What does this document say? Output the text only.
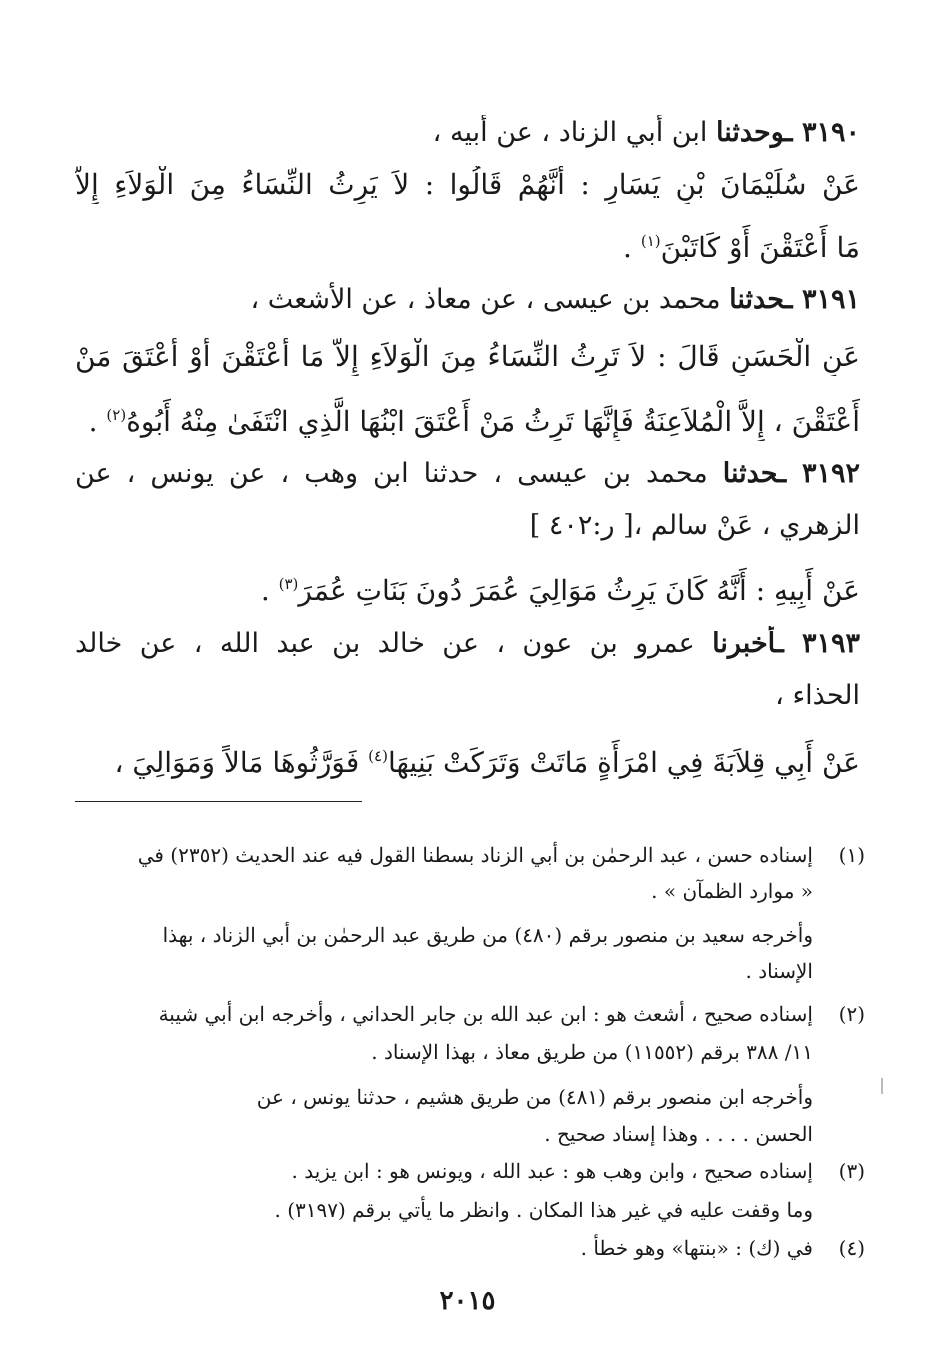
٣١٩٠ ـوحدثنا ابن أبي الزناد ، عن أبيه ،
عَنْ سُلَيْمَانَ بْنِ يَسَارٍ : أَنَّهُمْ قَالُوا : لاَ يَرِثُ النِّسَاءُ مِنَ الْوَلاَءِ إِلاَّ
مَا أَعْتَقْنَ أَوْ كَاتَبْنَ$^{(١)}$ .
٣١٩١ ـحدثنا محمد بن عيسى ، عن معاذ ، عن الأشعث ،
عَنِ الْحَسَنِ قَالَ : لاَ تَرِثُ النِّسَاءُ مِنَ الْوَلاَءِ إِلاَّ مَا أَعْتَقْنَ أَوْ أَعْتَقَ مَنْ
أَعْتَقْنَ ، إِلاَّ الْمُلاَعِنَةُ فَإِنَّهَا تَرِثُ مَنْ أَعْتَقَ ابْنُهَا الَّذِي انْتَفَىٰ مِنْهُ أَبُوهُ$^{(٢)}$ .
٣١٩٢ ـحدثنا محمد بن عيسى ، حدثنا ابن وهب ، عن يونس ، عن
الزهري ، عَنْ سالم ،[ ر:٤٠٢ ]
عَنْ أَبِيهِ : أَنَّهُ كَانَ يَرِثُ مَوَالِيَ عُمَرَ دُونَ بَنَاتِ عُمَرَ$^{(٣)}$ .
٣١٩٣ ـأخبرنا عمرو بن عون ، عن خالد بن عبد الله ، عن خالد
الحذاء ،
عَنْ أَبِي قِلاَبَةَ فِي امْرَأَةٍ مَاتَتْ وَتَرَكَتْ بَنِيهَا$^{(٤)}$ فَوَرَّثُوهَا مَالاً وَمَوَالِيَ ،
(١)
إسناده حسن ، عبد الرحمٰن بن أبي الزناد بسطنا القول فيه عند الحديث (٢٣٥٢) في
« موارد الظمآن » .
وأخرجه سعيد بن منصور برقم (٤٨٠) من طريق عبد الرحمٰن بن أبي الزناد ، بهذا
الإسناد .
(٢)
إسناده صحيح ، أشعث هو : ابن عبد الله بن جابر الحداني ، وأخرجه ابن أبي شيبة
١١/ ٣٨٨ برقم (١١٥٥٢) من طريق معاذ ، بهذا الإسناد .
وأخرجه ابن منصور برقم (٤٨١) من طريق هشيم ، حدثنا يونس ، عن
الحسن . . . . وهذا إسناد صحيح .
(٣)
إسناده صحيح ، وابن وهب هو : عبد الله ، ويونس هو : ابن يزيد .
وما وقفت عليه في غير هذا المكان . وانظر ما يأتي برقم (٣١٩٧) .
(٤)
في (ك) : «بنتها» وهو خطأ .
٢٠١٥
